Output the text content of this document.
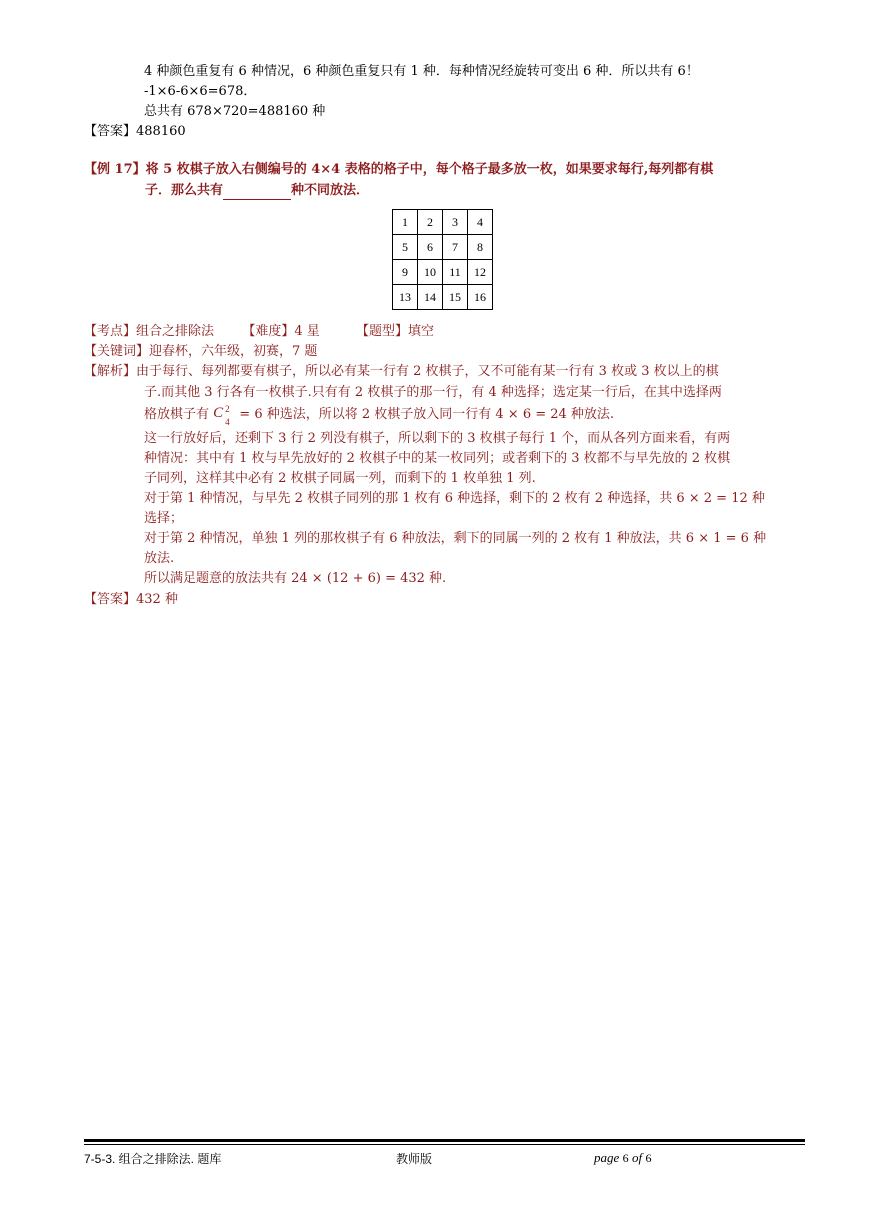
4 种颜色重复有 6 种情况，6 种颜色重复只有 1 种．每种情况经旋转可变出 6 种．所以共有 6！
-1×6-6×6=678．
总共有 678×720=488160 种
【答案】488160
【例 17】将 5 枚棋子放入右侧编号的 4×4 表格的格子中，每个格子最多放一枚，如果要求每行,每列都有棋
子．那么共有	种不同放法．
1	2	3	4
5	6	7	8
9	10	11	12
13	14	15	16
【考点】组合之排除法 【难度】4 星	【题型】填空
【关键词】迎春杯，六年级，初赛，7 题
【解析】由于每行、每列都要有棋子，所以必有某一行有 2 枚棋子，又不可能有某一行有 3 枚或 3 枚以上的棋
子.而其他 3 行各有一枚棋子.只有有 2 枚棋子的那一行，有 4 种选择；选定某一行后，在其中选择两
格放棋子有 C 2
4 = 6 种选法，所以将 2 枚棋子放入同一行有 4 × 6 = 24 种放法.
这一行放好后，还剩下 3 行 2 列没有棋子，所以剩下的 3 枚棋子每行 1 个，而从各列方面来看，有两
种情况：其中有 1 枚与早先放好的 2 枚棋子中的某一枚同列；或者剩下的 3 枚都不与早先放的 2 枚棋
子同列，这样其中必有 2 枚棋子同属一列，而剩下的 1 枚单独 1 列.
对于第 1 种情况，与早先 2 枚棋子同列的那 1 枚有 6 种选择，剩下的 2 枚有 2 种选择，共 6 × 2 = 12 种
选择；
对于第 2 种情况，单独 1 列的那枚棋子有 6 种放法，剩下的同属一列的 2 枚有 1 种放法，共 6 × 1 = 6 种
放法.
所以满足题意的放法共有 24 × (12 + 6) = 432 种.
【答案】432 种
7-5-3. 组合之排除法. 题库	教师版	page 6 of 6
